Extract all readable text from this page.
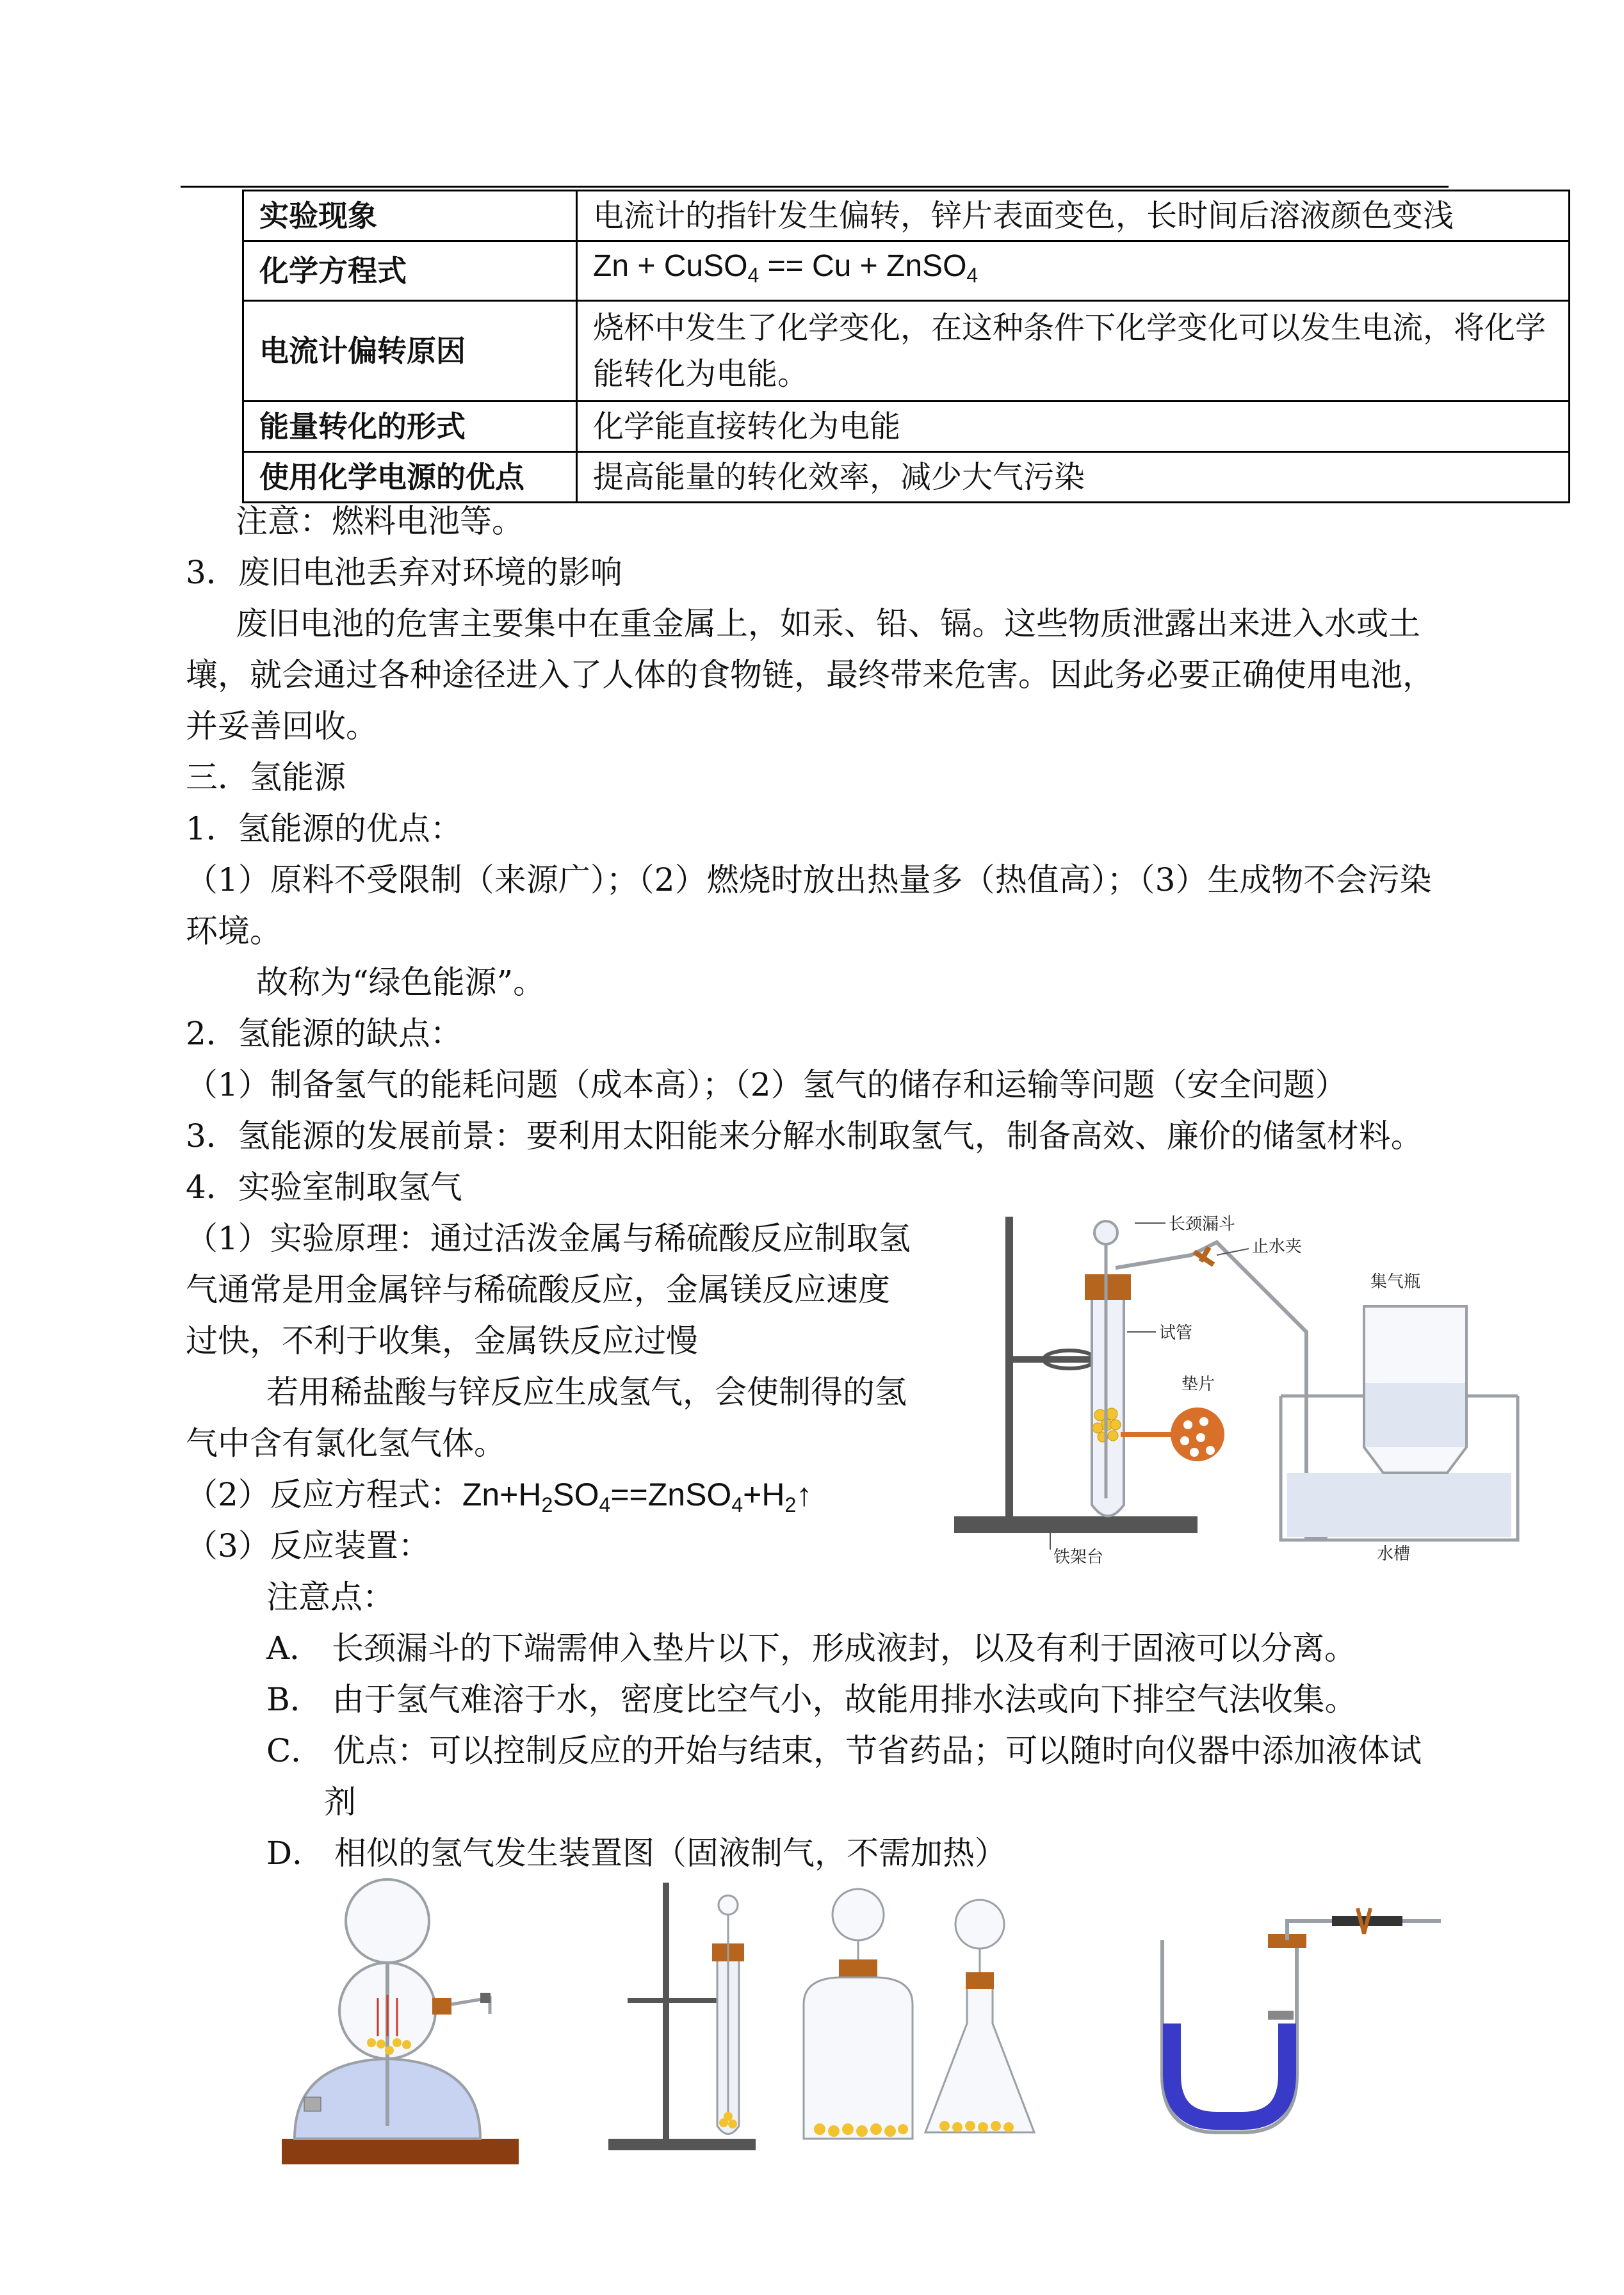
实验现象	电流计的指针发生偏转，锌片表面变色，长时间后溶液颜色变浅
化学方程式	Zn + CuSO$_4$ == Cu + ZnSO$_4$
电流计偏转原因	烧杯中发生了化学变化，在这种条件下化学变化可以发生电流，将化学能转化为电能。
能量转化的形式	化学能直接转化为电能
使用化学电源的优点	提高能量的转化效率，减少大气污染
注意：燃料电池等。
3．废旧电池丢弃对环境的影响
废旧电池的危害主要集中在重金属上，如汞、铅、镉。这些物质泄露出来进入水或土
壤，就会通过各种途径进入了人体的食物链，最终带来危害。因此务必要正确使用电池，
并妥善回收。
三．氢能源
1．氢能源的优点：
（1）原料不受限制（来源广）；（2）燃烧时放出热量多（热值高）；（3）生成物不会污染
环境。
故称为“绿色能源”。
2．氢能源的缺点：
（1）制备氢气的能耗问题（成本高）；（2）氢气的储存和运输等问题（安全问题）
3．氢能源的发展前景：要利用太阳能来分解水制取氢气，制备高效、廉价的储氢材料。
4．实验室制取氢气
（1）实验原理：通过活泼金属与稀硫酸反应制取氢
气通常是用金属锌与稀硫酸反应，金属镁反应速度
过快，不利于收集，金属铁反应过慢
若用稀盐酸与锌反应生成氢气，会使制得的氢
气中含有氯化氢气体。
（2）反应方程式：$Zn+H_2SO_4==ZnSO_4+H_2↑$
（3）反应装置：
注意点：
A． 长颈漏斗的下端需伸入垫片以下，形成液封，以及有利于固液可以分离。
B． 由于氢气难溶于水，密度比空气小，故能用排水法或向下排空气法收集。
C． 优点：可以控制反应的开始与结束，节省药品；可以随时向仪器中添加液体试
剂
D． 相似的氢气发生装置图（固液制气，不需加热）
长颈漏斗
止水夹
集气瓶
试管
垫片
水槽
铁架台
